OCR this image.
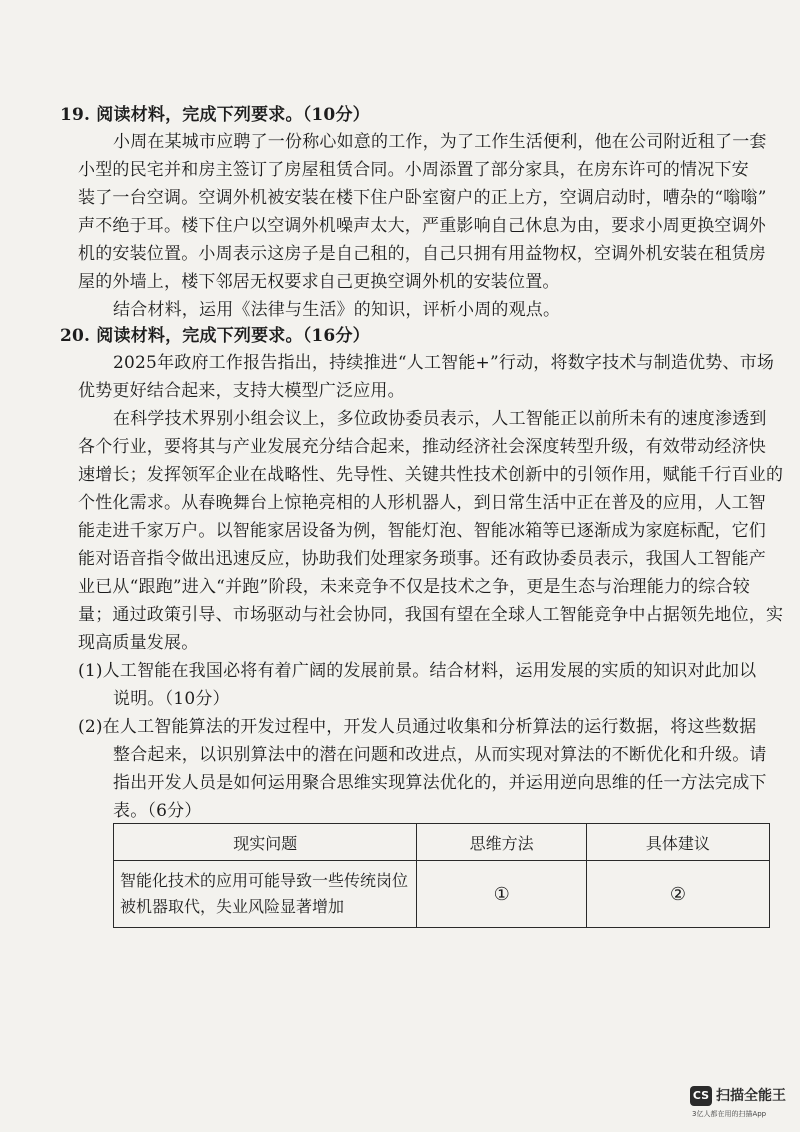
19. 阅读材料，完成下列要求。（10分）
小周在某城市应聘了一份称心如意的工作，为了工作生活便利，他在公司附近租了一套
小型的民宅并和房主签订了房屋租赁合同。小周添置了部分家具，在房东许可的情况下安
装了一台空调。空调外机被安装在楼下住户卧室窗户的正上方，空调启动时，嘈杂的“嗡嗡”
声不绝于耳。楼下住户以空调外机噪声太大，严重影响自己休息为由，要求小周更换空调外
机的安装位置。小周表示这房子是自己租的，自己只拥有用益物权，空调外机安装在租赁房
屋的外墙上，楼下邻居无权要求自己更换空调外机的安装位置。
结合材料，运用《法律与生活》的知识，评析小周的观点。
20. 阅读材料，完成下列要求。（16分）
2025年政府工作报告指出，持续推进“人工智能+”行动，将数字技术与制造优势、市场
优势更好结合起来，支持大模型广泛应用。
在科学技术界别小组会议上，多位政协委员表示，人工智能正以前所未有的速度渗透到
各个行业，要将其与产业发展充分结合起来，推动经济社会深度转型升级，有效带动经济快
速增长；发挥领军企业在战略性、先导性、关键共性技术创新中的引领作用，赋能千行百业的
个性化需求。从春晚舞台上惊艳亮相的人形机器人，到日常生活中正在普及的应用，人工智
能走进千家万户。以智能家居设备为例，智能灯泡、智能冰箱等已逐渐成为家庭标配，它们
能对语音指令做出迅速反应，协助我们处理家务琐事。还有政协委员表示，我国人工智能产
业已从“跟跑”进入“并跑”阶段，未来竞争不仅是技术之争，更是生态与治理能力的综合较
量；通过政策引导、市场驱动与社会协同，我国有望在全球人工智能竞争中占据领先地位，实
现高质量发展。
(1)人工智能在我国必将有着广阔的发展前景。结合材料，运用发展的实质的知识对此加以
说明。（10分）
(2)在人工智能算法的开发过程中，开发人员通过收集和分析算法的运行数据，将这些数据
整合起来，以识别算法中的潜在问题和改进点，从而实现对算法的不断优化和升级。请
指出开发人员是如何运用聚合思维实现算法优化的，并运用逆向思维的任一方法完成下
表。（6分）
现实问题	思维方法	具体建议

智能化技术的应用可能导致一些传统岗位
被机器取代，失业风险显著增加	①	②
CS 扫描全能王
3亿人都在用的扫描App
